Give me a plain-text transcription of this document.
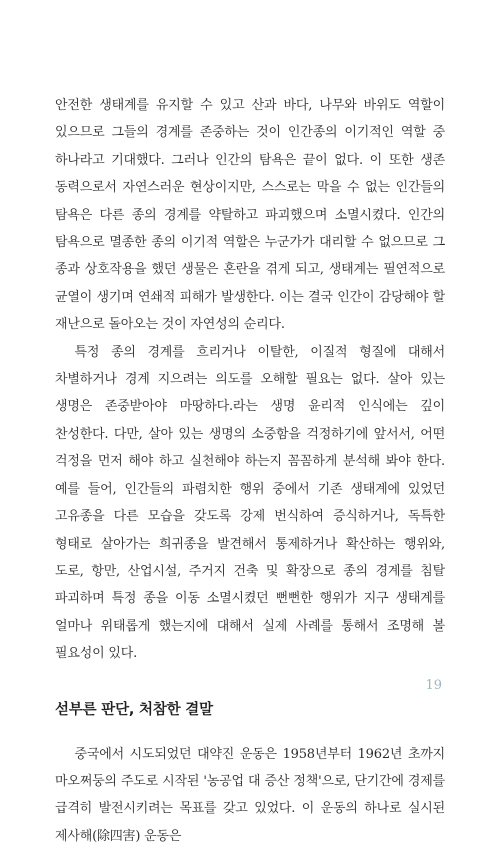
안전한 생태계를 유지할 수 있고 산과 바다, 나무와 바위도 역할이 있으므로 그들의 경계를 존중하는 것이 인간종의 이기적인 역할 중 하나라고 기대했다. 그러나 인간의 탐욕은 끝이 없다. 이 또한 생존 동력으로서 자연스러운 현상이지만, 스스로는 막을 수 없는 인간들의 탐욕은 다른 종의 경계를 약탈하고 파괴했으며 소멸시켰다. 인간의 탐욕으로 멸종한 종의 이기적 역할은 누군가가 대리할 수 없으므로 그 종과 상호작용을 했던 생물은 혼란을 겪게 되고, 생태계는 필연적으로 균열이 생기며 연쇄적 피해가 발생한다. 이는 결국 인간이 감당해야 할 재난으로 돌아오는 것이 자연성의 순리다.

특정 종의 경계를 흐리거나 이탈한, 이질적 형질에 대해서 차별하거나 경계 지으려는 의도를 오해할 필요는 없다. 살아 있는 생명은 존중받아야 마땅하다.라는 생명 윤리적 인식에는 깊이 찬성한다. 다만, 살아 있는 생명의 소중함을 걱정하기에 앞서서, 어떤 걱정을 먼저 해야 하고 실천해야 하는지 꼼꼼하게 분석해 봐야 한다. 예를 들어, 인간들의 파렴치한 행위 중에서 기존 생태계에 있었던 고유종을 다른 모습을 갖도록 강제 번식하여 증식하거나, 독특한 형태로 살아가는 희귀종을 발견해서 통제하거나 확산하는 행위와, 도로, 항만, 산업시설, 주거지 건축 및 확장으로 종의 경계를 침탈 파괴하며 특정 종을 이동 소멸시켰던 뻔뻔한 행위가 지구 생태계를 얼마나 위태롭게 했는지에 대해서 실제 사례를 통해서 조명해 볼 필요성이 있다.

섣부른 판단, 처참한 결말

중국에서 시도되었던 대약진 운동은 1958년부터 1962년 초까지 마오쩌둥의 주도로 시작된 '농공업 대 증산 정책'으로, 단기간에 경제를 급격히 발전시키려는 목표를 갖고 있었다. 이 운동의 하나로 실시된 제사해(除四害) 운동은

19
